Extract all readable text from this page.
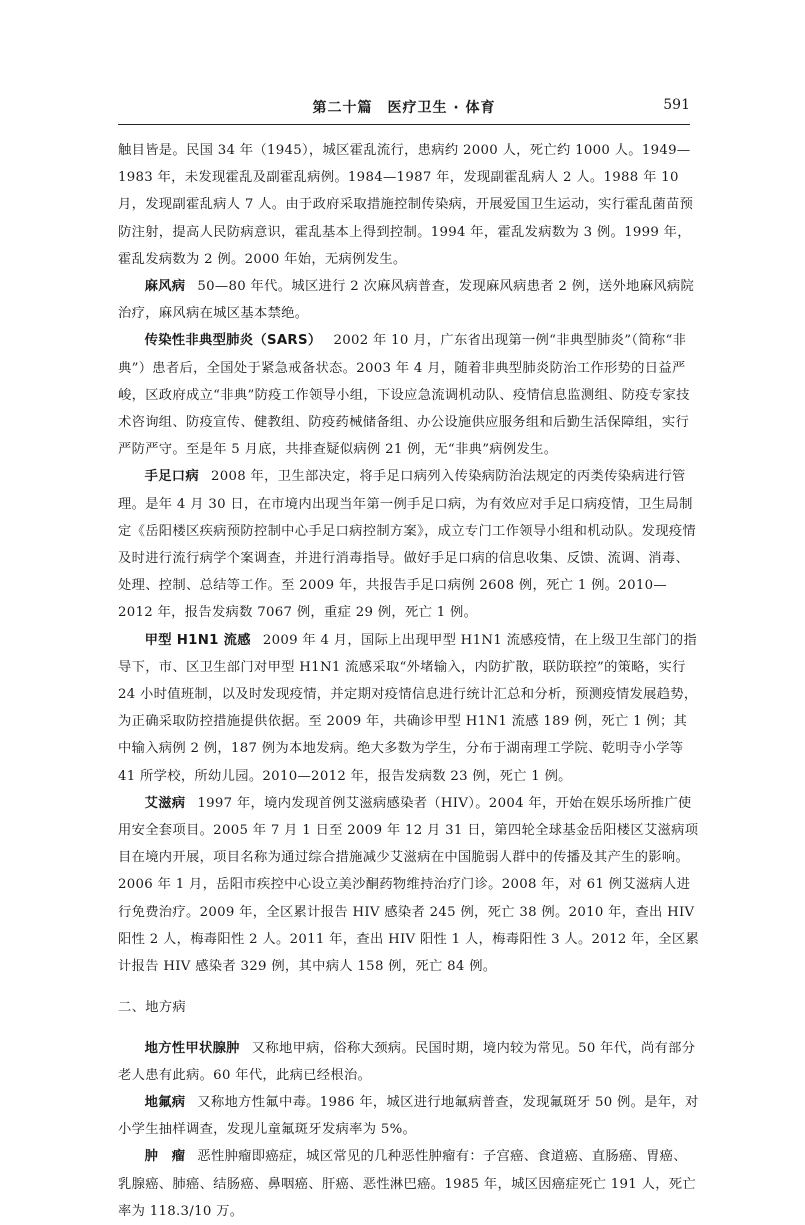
第二十篇　医疗卫生 · 体育	591

触目皆是。民国 34 年（1945），城区霍乱流行，患病约 2000 人，死亡约 1000 人。1949—1983 年，未发现霍乱及副霍乱病例。1984—1987 年，发现副霍乱病人 2 人。1988 年 10 月，发现副霍乱病人 7 人。由于政府采取措施控制传染病，开展爱国卫生运动，实行霍乱菌苗预防注射，提高人民防病意识，霍乱基本上得到控制。1994 年，霍乱发病数为 3 例。1999 年，霍乱发病数为 2 例。2000 年始，无病例发生。

麻风病 50—80 年代。城区进行 2 次麻风病普查，发现麻风病患者 2 例，送外地麻风病院治疗，麻风病在城区基本禁绝。

传染性非典型肺炎（SARS） 2002 年 10 月，广东省出现第一例“非典型肺炎”（简称“非典”）患者后，全国处于紧急戒备状态。2003 年 4 月，随着非典型肺炎防治工作形势的日益严峻，区政府成立“非典”防疫工作领导小组，下设应急流调机动队、疫情信息监测组、防疫专家技术咨询组、防疫宣传、健教组、防疫药械储备组、办公设施供应服务组和后勤生活保障组，实行严防严守。至是年 5 月底，共排查疑似病例 21 例，无“非典”病例发生。

手足口病 2008 年，卫生部决定，将手足口病列入传染病防治法规定的丙类传染病进行管理。是年 4 月 30 日，在市境内出现当年第一例手足口病，为有效应对手足口病疫情，卫生局制定《岳阳楼区疾病预防控制中心手足口病控制方案》，成立专门工作领导小组和机动队。发现疫情及时进行流行病学个案调查，并进行消毒指导。做好手足口病的信息收集、反馈、流调、消毒、处理、控制、总结等工作。至 2009 年，共报告手足口病例 2608 例，死亡 1 例。2010—2012 年，报告发病数 7067 例，重症 29 例，死亡 1 例。

甲型 H1N1 流感 2009 年 4 月，国际上出现甲型 H1N1 流感疫情，在上级卫生部门的指导下，市、区卫生部门对甲型 H1N1 流感采取“外堵输入，内防扩散，联防联控”的策略，实行 24 小时值班制，以及时发现疫情，并定期对疫情信息进行统计汇总和分析，预测疫情发展趋势，为正确采取防控措施提供依据。至 2009 年，共确诊甲型 H1N1 流感 189 例，死亡 1 例；其中输入病例 2 例，187 例为本地发病。绝大多数为学生，分布于湖南理工学院、乾明寺小学等 41 所学校，所幼儿园。2010—2012 年，报告发病数 23 例，死亡 1 例。

艾滋病 1997 年，境内发现首例艾滋病感染者（HIV）。2004 年，开始在娱乐场所推广使用安全套项目。2005 年 7 月 1 日至 2009 年 12 月 31 日，第四轮全球基金岳阳楼区艾滋病项目在境内开展，项目名称为通过综合措施减少艾滋病在中国脆弱人群中的传播及其产生的影响。2006 年 1 月，岳阳市疾控中心设立美沙酮药物维持治疗门诊。2008 年，对 61 例艾滋病人进行免费治疗。2009 年，全区累计报告 HIV 感染者 245 例，死亡 38 例。2010 年，查出 HIV 阳性 2 人，梅毒阳性 2 人。2011 年，查出 HIV 阳性 1 人，梅毒阳性 3 人。2012 年，全区累计报告 HIV 感染者 329 例，其中病人 158 例，死亡 84 例。

二、地方病

地方性甲状腺肿 又称地甲病，俗称大颈病。民国时期，境内较为常见。50 年代，尚有部分老人患有此病。60 年代，此病已经根治。

地氟病 又称地方性氟中毒。1986 年，城区进行地氟病普查，发现氟斑牙 50 例。是年，对小学生抽样调查，发现儿童氟斑牙发病率为 5%。

肿　瘤 恶性肿瘤即癌症，城区常见的几种恶性肿瘤有：子宫癌、食道癌、直肠癌、胃癌、乳腺癌、肺癌、结肠癌、鼻咽癌、肝癌、恶性淋巴癌。1985 年，城区因癌症死亡 191 人，死亡率为 118.3/10 万。
